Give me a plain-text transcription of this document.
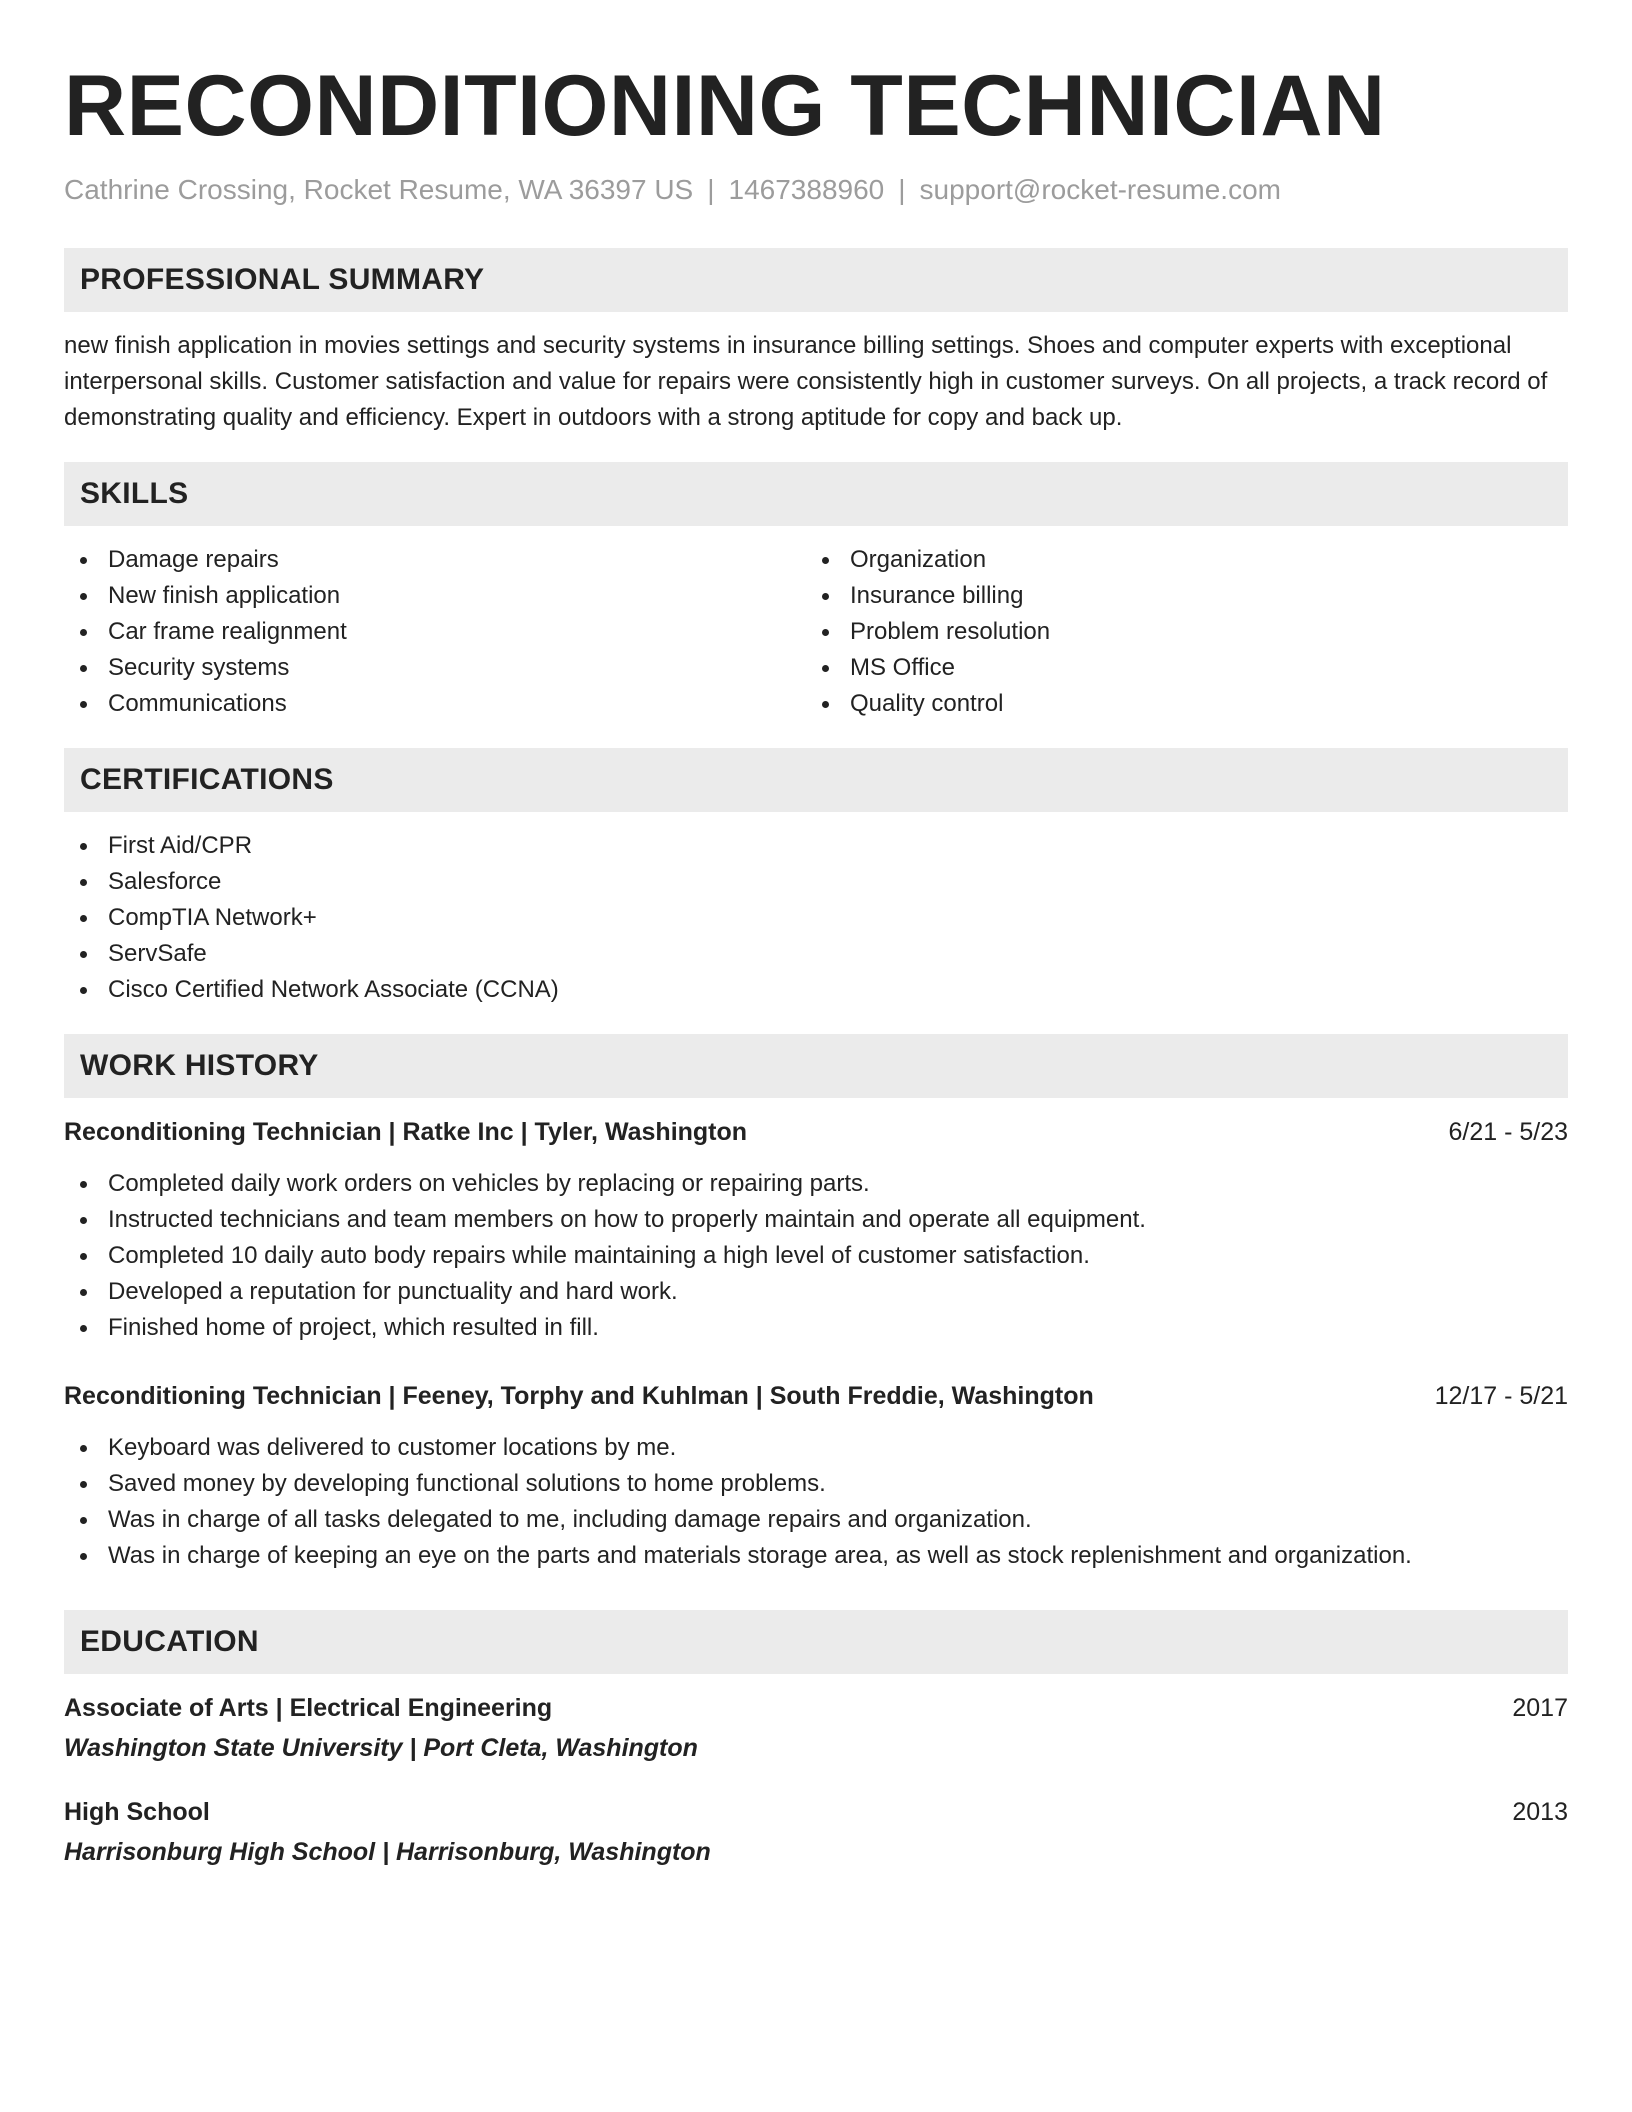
RECONDITIONING TECHNICIAN
Cathrine Crossing, Rocket Resume, WA 36397 US | 1467388960 | support@rocket-resume.com
PROFESSIONAL SUMMARY

new finish application in movies settings and security systems in insurance billing settings. Shoes and computer experts with exceptional interpersonal skills. Customer satisfaction and value for repairs were consistently high in customer surveys. On all projects, a track record of demonstrating quality and efficiency. Expert in outdoors with a strong aptitude for copy and back up.

SKILLS
Damage repairs
New finish application
Car frame realignment
Security systems
Communications
Organization
Insurance billing
Problem resolution
MS Office
Quality control
CERTIFICATIONS
First Aid/CPR
Salesforce
CompTIA Network+
ServSafe
Cisco Certified Network Associate (CCNA)
WORK HISTORY
Reconditioning Technician | Ratke Inc | Tyler, Washington	6/21 - 5/23
Completed daily work orders on vehicles by replacing or repairing parts.
Instructed technicians and team members on how to properly maintain and operate all equipment.
Completed 10 daily auto body repairs while maintaining a high level of customer satisfaction.
Developed a reputation for punctuality and hard work.
Finished home of project, which resulted in fill.
Reconditioning Technician | Feeney, Torphy and Kuhlman | South Freddie, Washington	12/17 - 5/21
Keyboard was delivered to customer locations by me.
Saved money by developing functional solutions to home problems.
Was in charge of all tasks delegated to me, including damage repairs and organization.
Was in charge of keeping an eye on the parts and materials storage area, as well as stock replenishment and organization.
EDUCATION
Associate of Arts | Electrical Engineering	2017
Washington State University | Port Cleta, Washington
High School	2013
Harrisonburg High School | Harrisonburg, Washington
